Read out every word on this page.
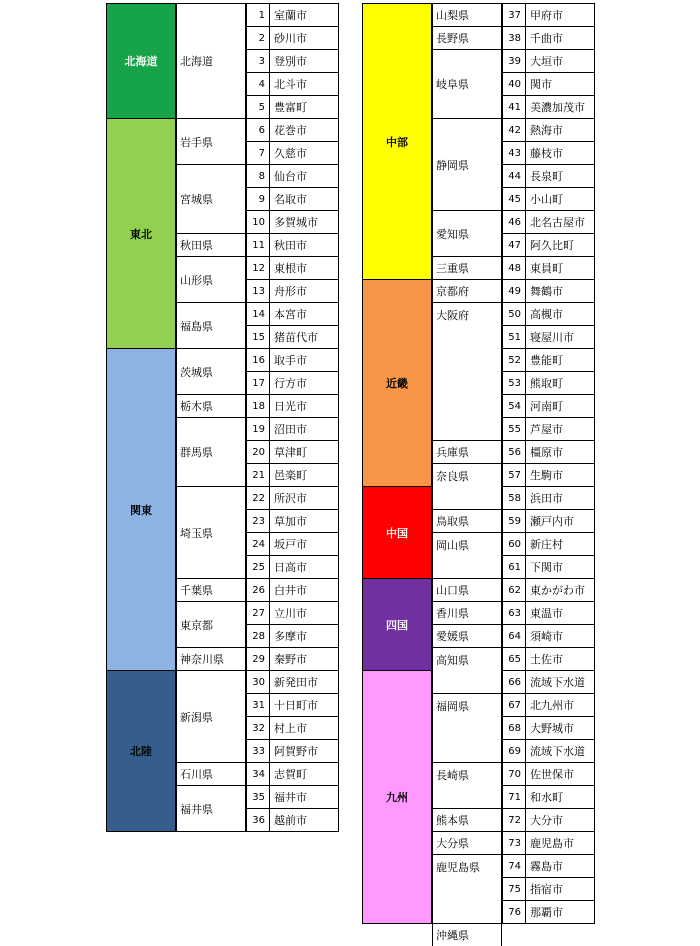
北海道
東北
関東
北陸
北海道
岩手県
宮城県
秋田県
山形県
福島県
茨城県
栃木県
群馬県
埼玉県
千葉県
東京都
神奈川県
新潟県
石川県
福井県
1 室蘭市
2 砂川市
3 登別市
4 北斗市
5 豊富町
6 花巻市
7 久慈市
8 仙台市
9 名取市
10 多賀城市
11 秋田市
12 東根市
13 舟形市
14 本宮市
15 猪苗代市
16 取手市
17 行方市
18 日光市
19 沼田市
20 草津町
21 邑楽町
22 所沢市
23 草加市
24 坂戸市
25 日高市
26 白井市
27 立川市
28 多摩市
29 秦野市
30 新発田市
31 十日町市
32 村上市
33 阿賀野市
34 志賀町
35 福井市
36 越前市
中部
近畿
中国
四国
九州
山梨県
長野県
岐阜県
静岡県
愛知県
三重県
京都府
大阪府
兵庫県
奈良県
鳥取県
岡山県
山口県
香川県
愛媛県
高知県
福岡県
長崎県
熊本県
大分県
鹿児島県
沖縄県
37 甲府市
38 千曲市
39 大垣市
40 関市
41 美濃加茂市
42 熱海市
43 藤枝市
44 長泉町
45 小山町
46 北名古屋市
47 阿久比町
48 東員町
49 舞鶴市
50 高槻市
51 寝屋川市
52 豊能町
53 熊取町
54 河南町
55 芦屋市
56 橿原市
57 生駒市
58 浜田市
59 瀬戸内市
60 新庄村
61 下関市
62 東かがわ市
63 東温市
64 須崎市
65 土佐市
66 流域下水道
67 北九州市
68 大野城市
69 流域下水道
70 佐世保市
71 和水町
72 大分市
73 鹿児島市
74 霧島市
75 指宿市
76 那覇市
